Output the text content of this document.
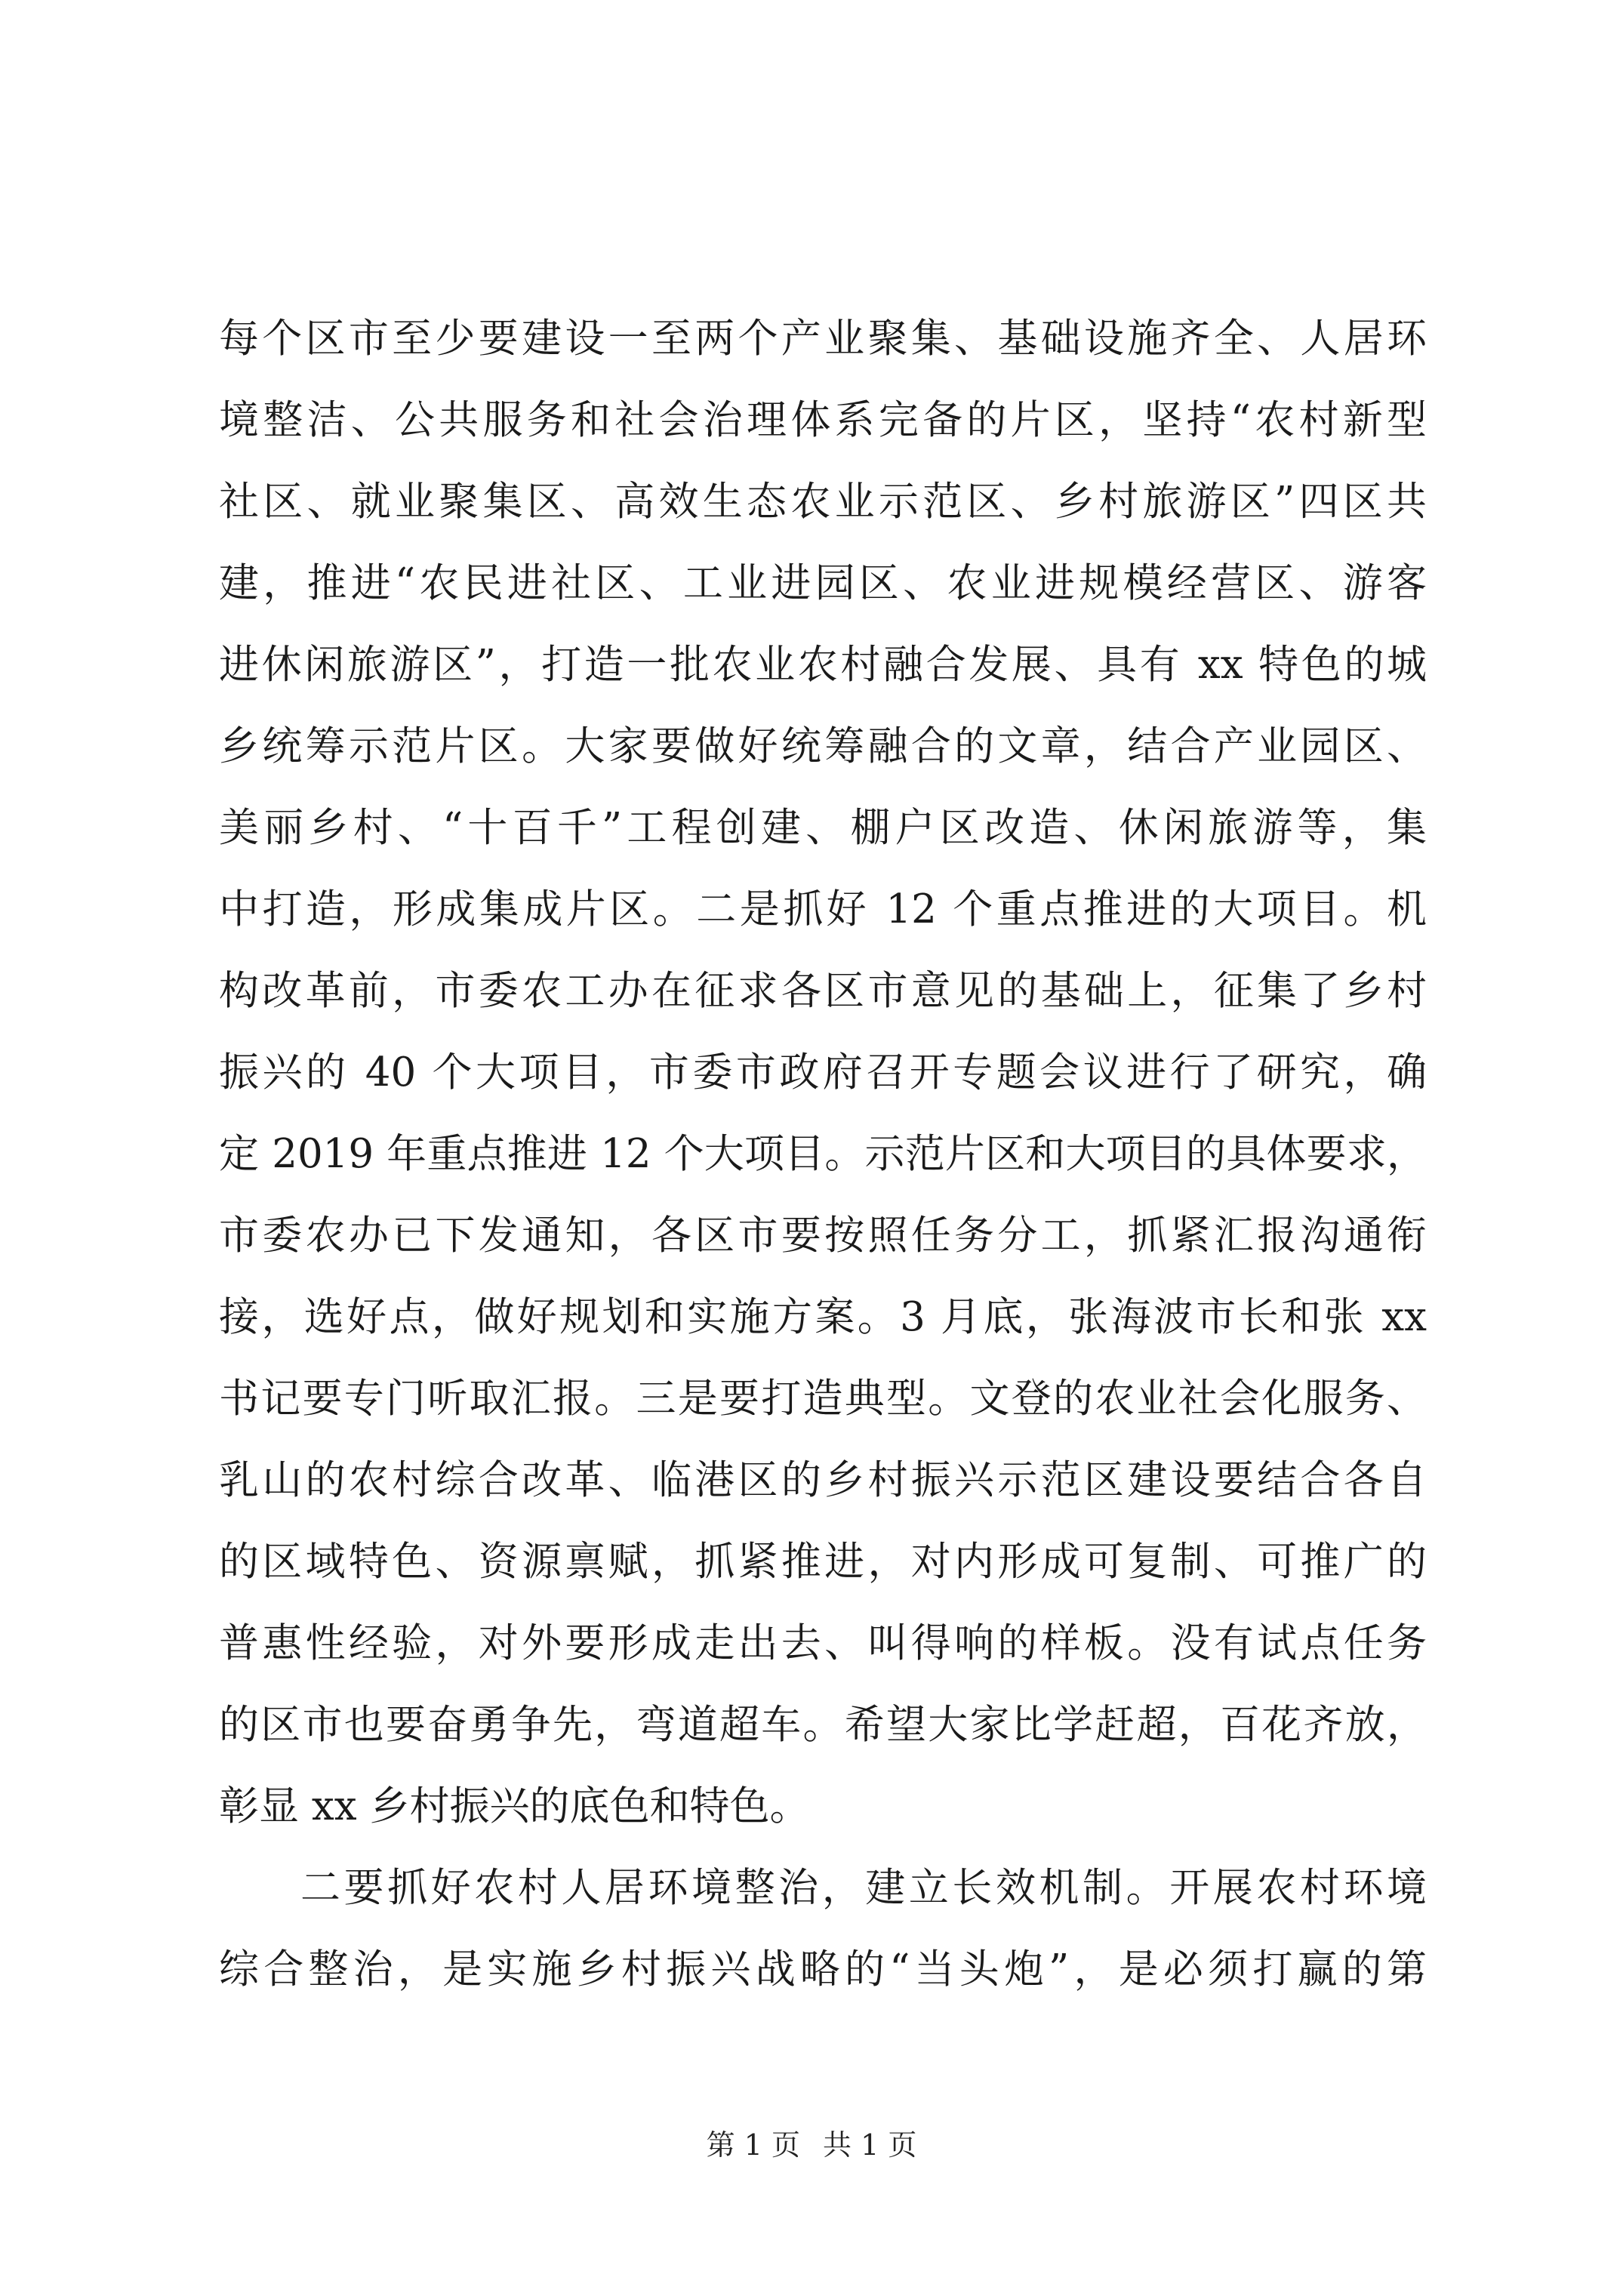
每个区市至少要建设一至两个产业聚集、基础设施齐全、人居环
境整洁、公共服务和社会治理体系完备的片区，坚持“农村新型
社区、就业聚集区、高效生态农业示范区、乡村旅游区”四区共
建，推进“农民进社区、工业进园区、农业进规模经营区、游客
进休闲旅游区”，打造一批农业农村融合发展、具有 xx 特色的城
乡统筹示范片区。大家要做好统筹融合的文章，结合产业园区、
美丽乡村、“十百千”工程创建、棚户区改造、休闲旅游等，集
中打造，形成集成片区。二是抓好 12 个重点推进的大项目。机
构改革前，市委农工办在征求各区市意见的基础上，征集了乡村
振兴的 40 个大项目，市委市政府召开专题会议进行了研究，确
定 2019 年重点推进 12 个大项目。示范片区和大项目的具体要求，
市委农办已下发通知，各区市要按照任务分工，抓紧汇报沟通衔
接，选好点，做好规划和实施方案。3 月底，张海波市长和张 xx
书记要专门听取汇报。三是要打造典型。文登的农业社会化服务、
乳山的农村综合改革、临港区的乡村振兴示范区建设要结合各自
的区域特色、资源禀赋，抓紧推进，对内形成可复制、可推广的
普惠性经验，对外要形成走出去、叫得响的样板。没有试点任务
的区市也要奋勇争先，弯道超车。希望大家比学赶超，百花齐放，
彰显 xx 乡村振兴的底色和特色。
二要抓好农村人居环境整治，建立长效机制。开展农村环境
综合整治，是实施乡村振兴战略的“当头炮”，是必须打赢的第
第 1 页 共 1 页
